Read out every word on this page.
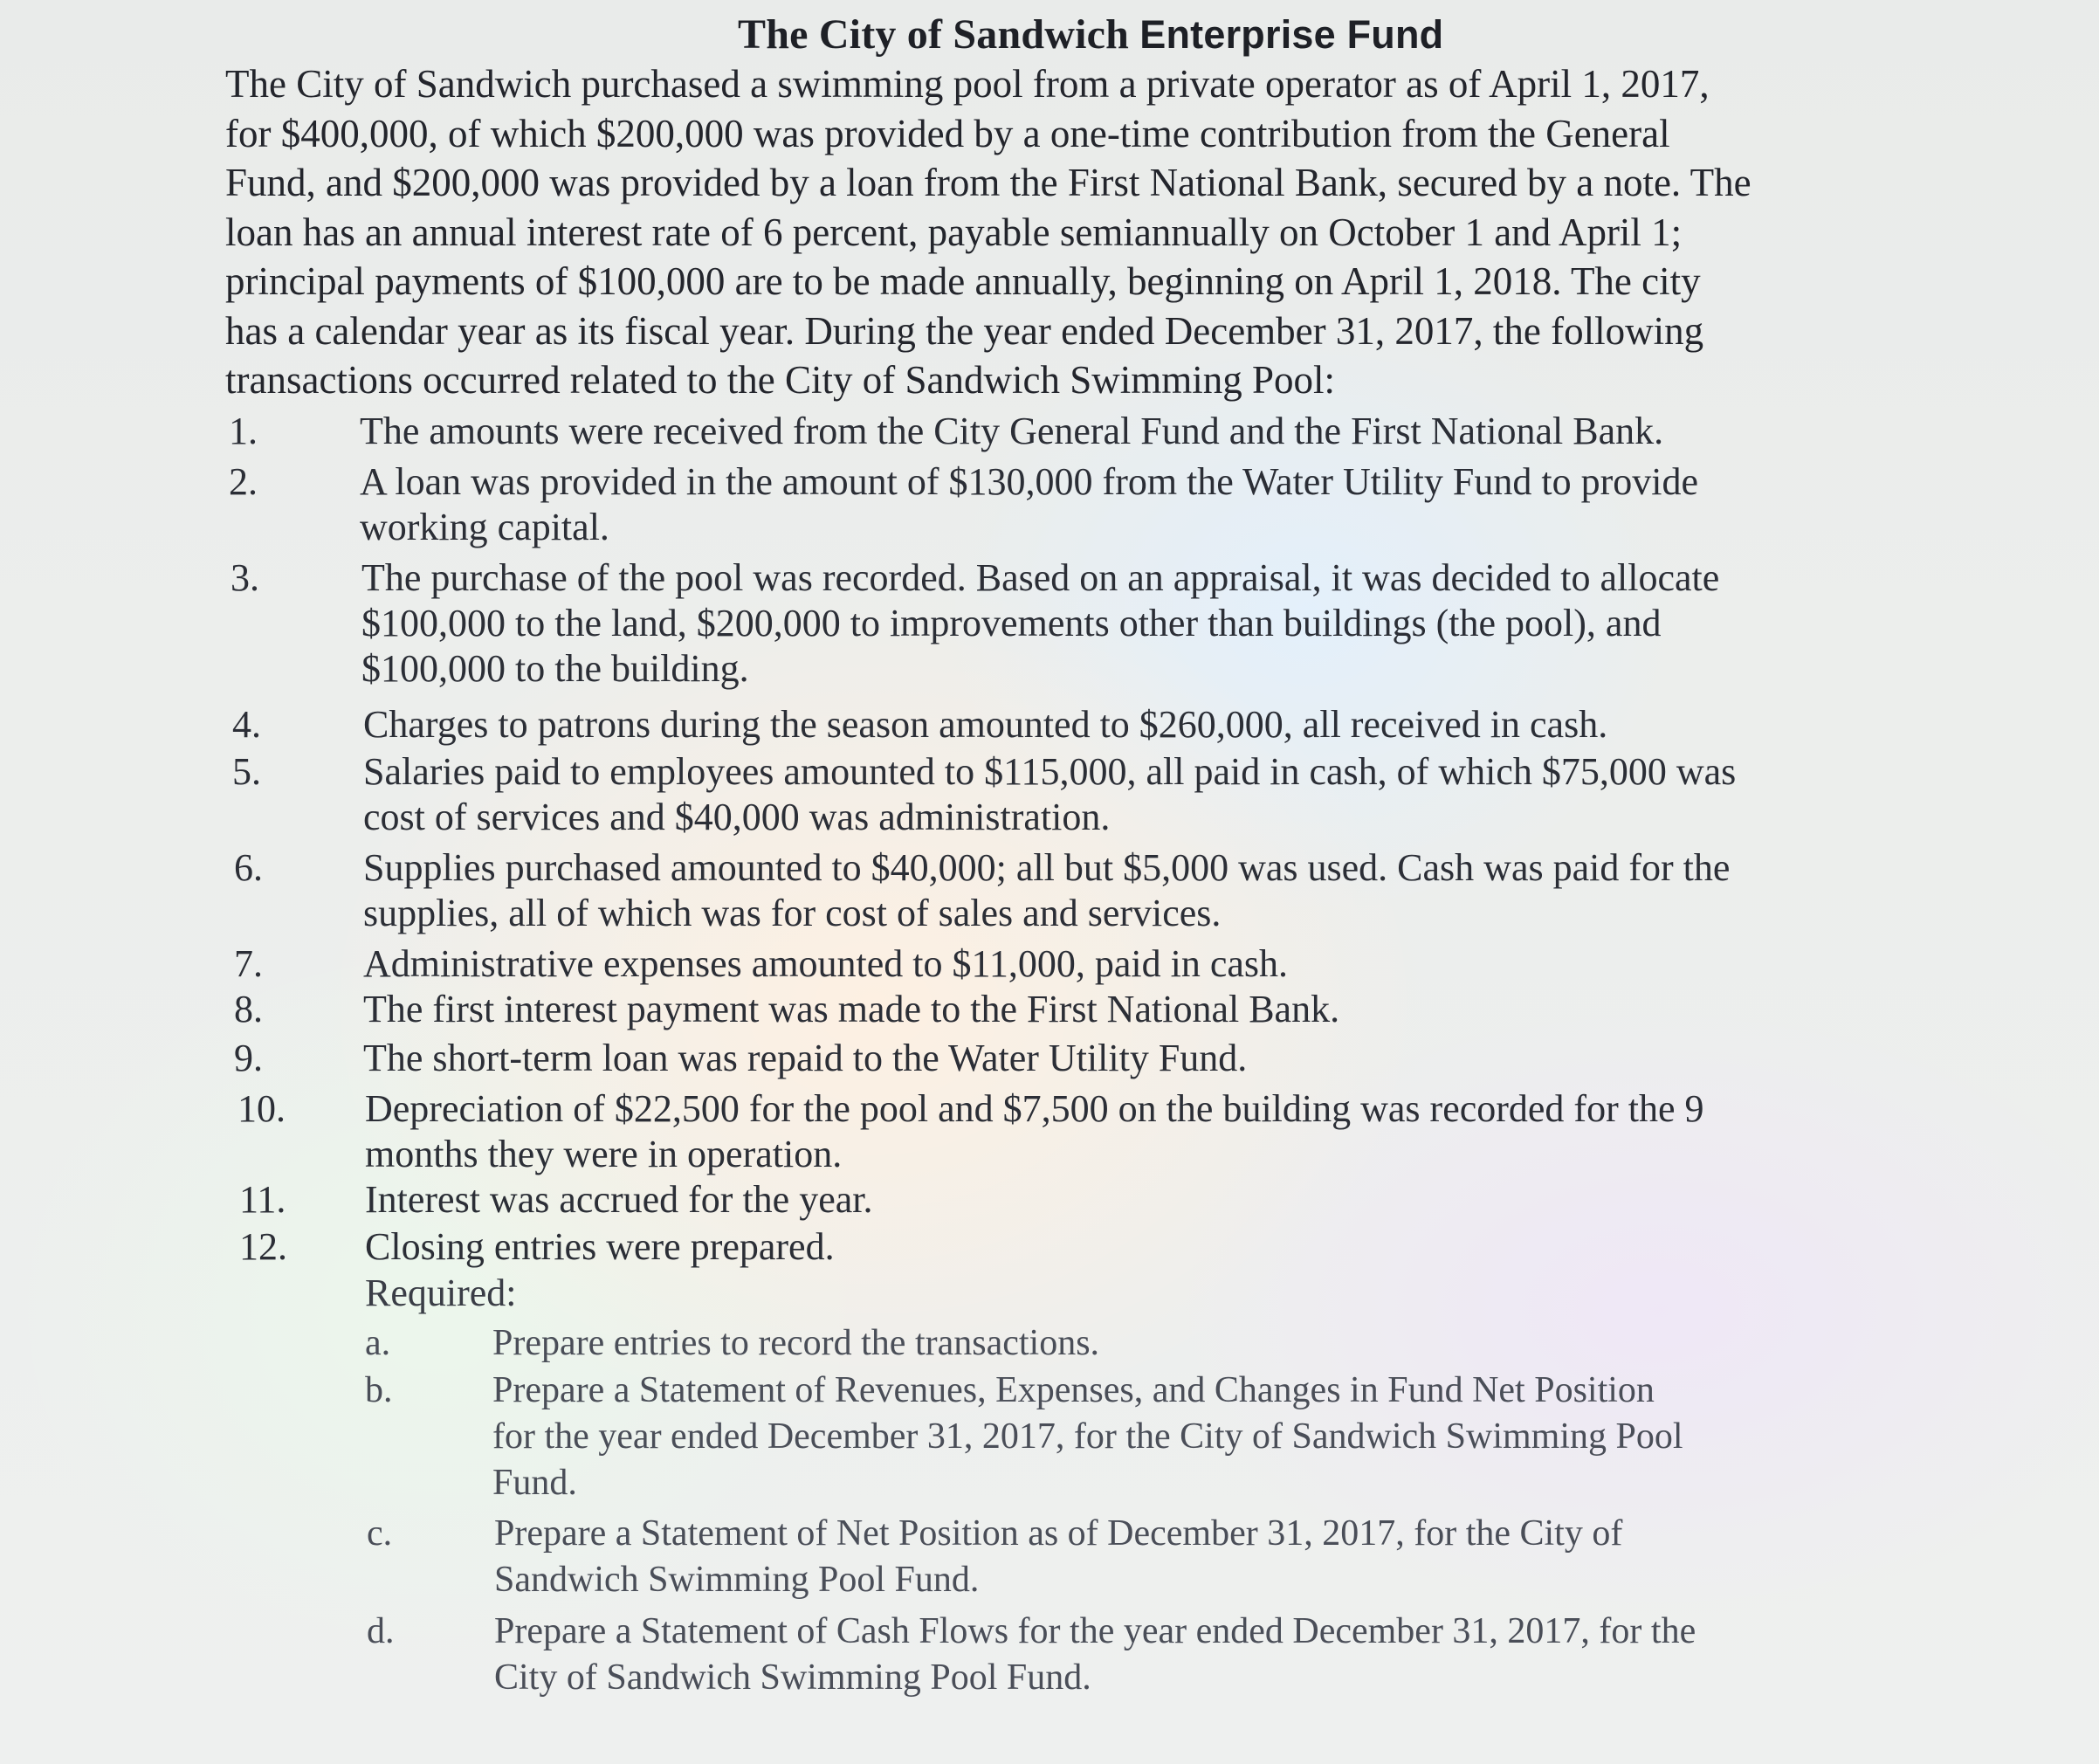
The City of Sandwich Enterprise Fund
The City of Sandwich purchased a swimming pool from a private operator as of April 1, 2017,
for $400,000, of which $200,000 was provided by a one-time contribution from the General
Fund, and $200,000 was provided by a loan from the First National Bank, secured by a note. The
loan has an annual interest rate of 6 percent, payable semiannually on October 1 and April 1;
principal payments of $100,000 are to be made annually, beginning on April 1, 2018. The city
has a calendar year as its fiscal year. During the year ended December 31, 2017, the following
transactions occurred related to the City of Sandwich Swimming Pool:
1.	The amounts were received from the City General Fund and the First National Bank.
2.	A loan was provided in the amount of $130,000 from the Water Utility Fund to provide
working capital.
3.	The purchase of the pool was recorded. Based on an appraisal, it was decided to allocate
$100,000 to the land, $200,000 to improvements other than buildings (the pool), and
$100,000 to the building.
4.	Charges to patrons during the season amounted to $260,000, all received in cash.
5.	Salaries paid to employees amounted to $115,000, all paid in cash, of which $75,000 was
cost of services and $40,000 was administration.
6.	Supplies purchased amounted to $40,000; all but $5,000 was used. Cash was paid for the
supplies, all of which was for cost of sales and services.
7.	Administrative expenses amounted to $11,000, paid in cash.
8.	The first interest payment was made to the First National Bank.
9.	The short-term loan was repaid to the Water Utility Fund.
10. Depreciation of $22,500 for the pool and $7,500 on the building was recorded for the 9
months they were in operation.
11. Interest was accrued for the year.
12. Closing entries were prepared.
Required:
a.	Prepare entries to record the transactions.
b.	Prepare a Statement of Revenues, Expenses, and Changes in Fund Net Position
for the year ended December 31, 2017, for the City of Sandwich Swimming Pool
Fund.
c.	Prepare a Statement of Net Position as of December 31, 2017, for the City of
Sandwich Swimming Pool Fund.
d.	Prepare a Statement of Cash Flows for the year ended December 31, 2017, for the
City of Sandwich Swimming Pool Fund.
